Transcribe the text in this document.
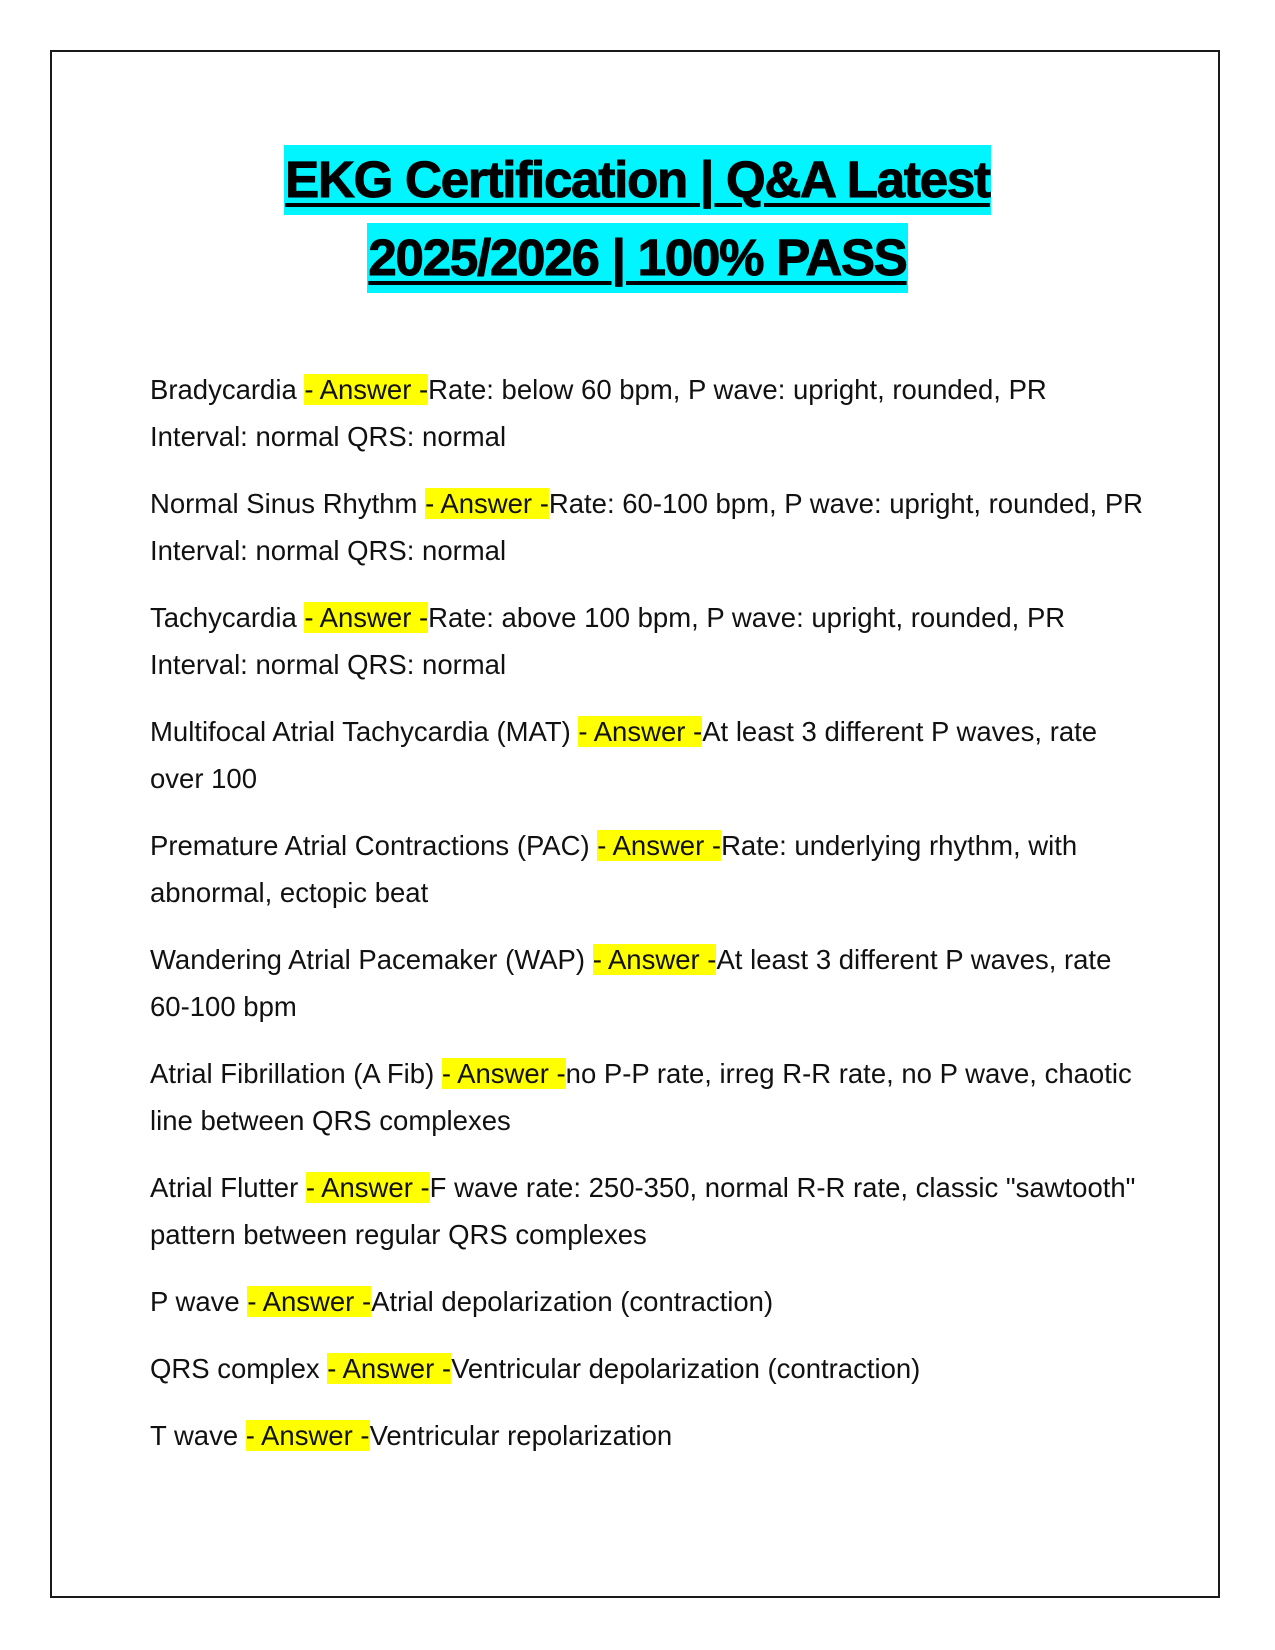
EKG Certification | Q&A Latest
2025/2026 | 100% PASS
Bradycardia - Answer -Rate: below 60 bpm, P wave: upright, rounded, PR Interval: normal QRS: normal
Normal Sinus Rhythm - Answer -Rate: 60-100 bpm, P wave: upright, rounded, PR Interval: normal QRS: normal
Tachycardia - Answer -Rate: above 100 bpm, P wave: upright, rounded, PR Interval: normal QRS: normal
Multifocal Atrial Tachycardia (MAT) - Answer -At least 3 different P waves, rate over 100
Premature Atrial Contractions (PAC) - Answer -Rate: underlying rhythm, with abnormal, ectopic beat
Wandering Atrial Pacemaker (WAP) - Answer -At least 3 different P waves, rate 60-100 bpm
Atrial Fibrillation (A Fib) - Answer -no P-P rate, irreg R-R rate, no P wave, chaotic line between QRS complexes
Atrial Flutter - Answer -F wave rate: 250-350, normal R-R rate, classic "sawtooth" pattern between regular QRS complexes
P wave - Answer -Atrial depolarization (contraction)
QRS complex - Answer -Ventricular depolarization (contraction)
T wave - Answer -Ventricular repolarization
